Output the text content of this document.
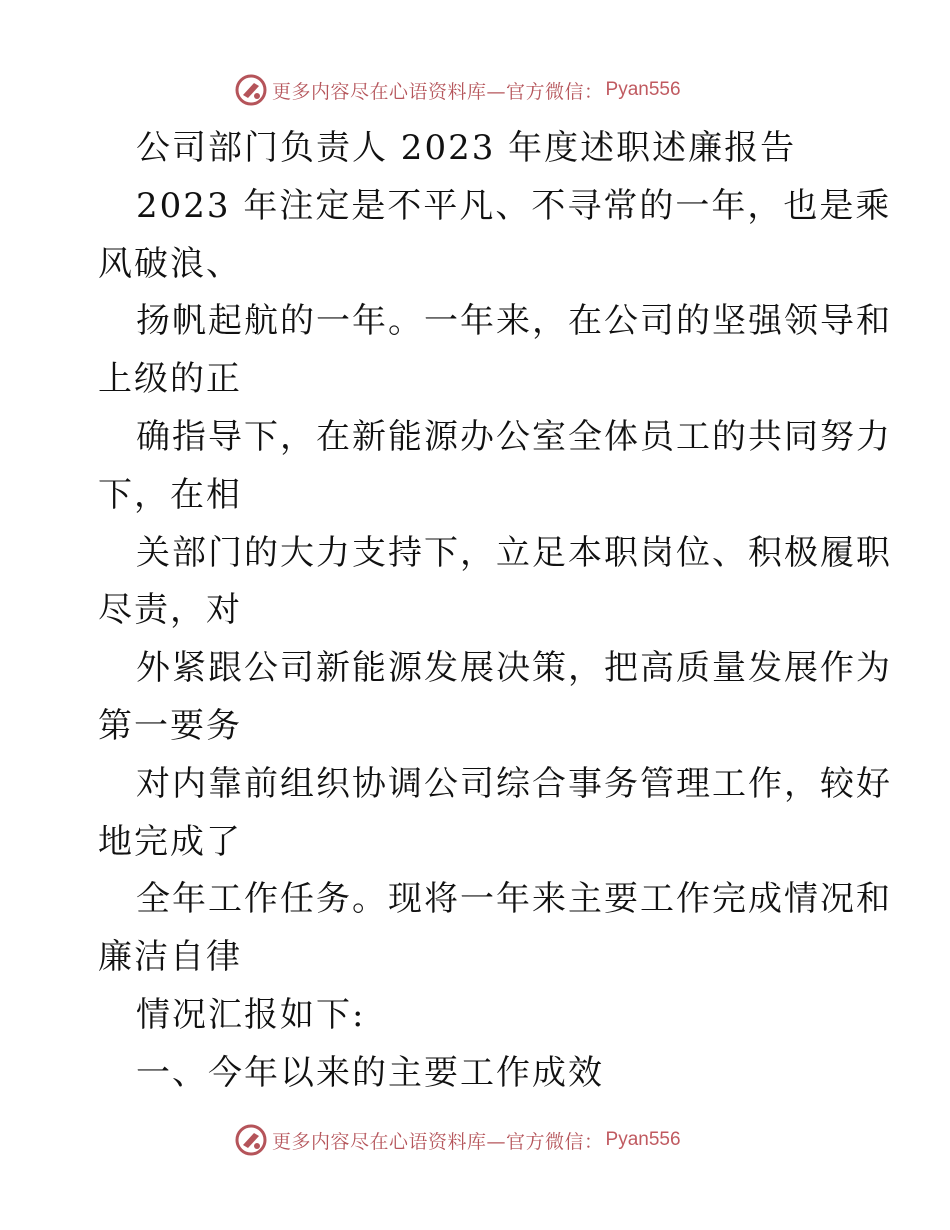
更多内容尽在心语资料库—官方微信： Pyan556
公司部门负责人 2023 年度述职述廉报告
2023 年注定是不平凡、不寻常的一年，也是乘
风破浪、
扬帆起航的一年。一年来，在公司的坚强领导和
上级的正
确指导下，在新能源办公室全体员工的共同努力
下，在相
关部门的大力支持下，立足本职岗位、积极履职
尽责，对
外紧跟公司新能源发展决策，把高质量发展作为
第一要务
对内靠前组织协调公司综合事务管理工作，较好
地完成了
全年工作任务。现将一年来主要工作完成情况和
廉洁自律
情况汇报如下:
一、今年以来的主要工作成效
更多内容尽在心语资料库—官方微信： Pyan556
